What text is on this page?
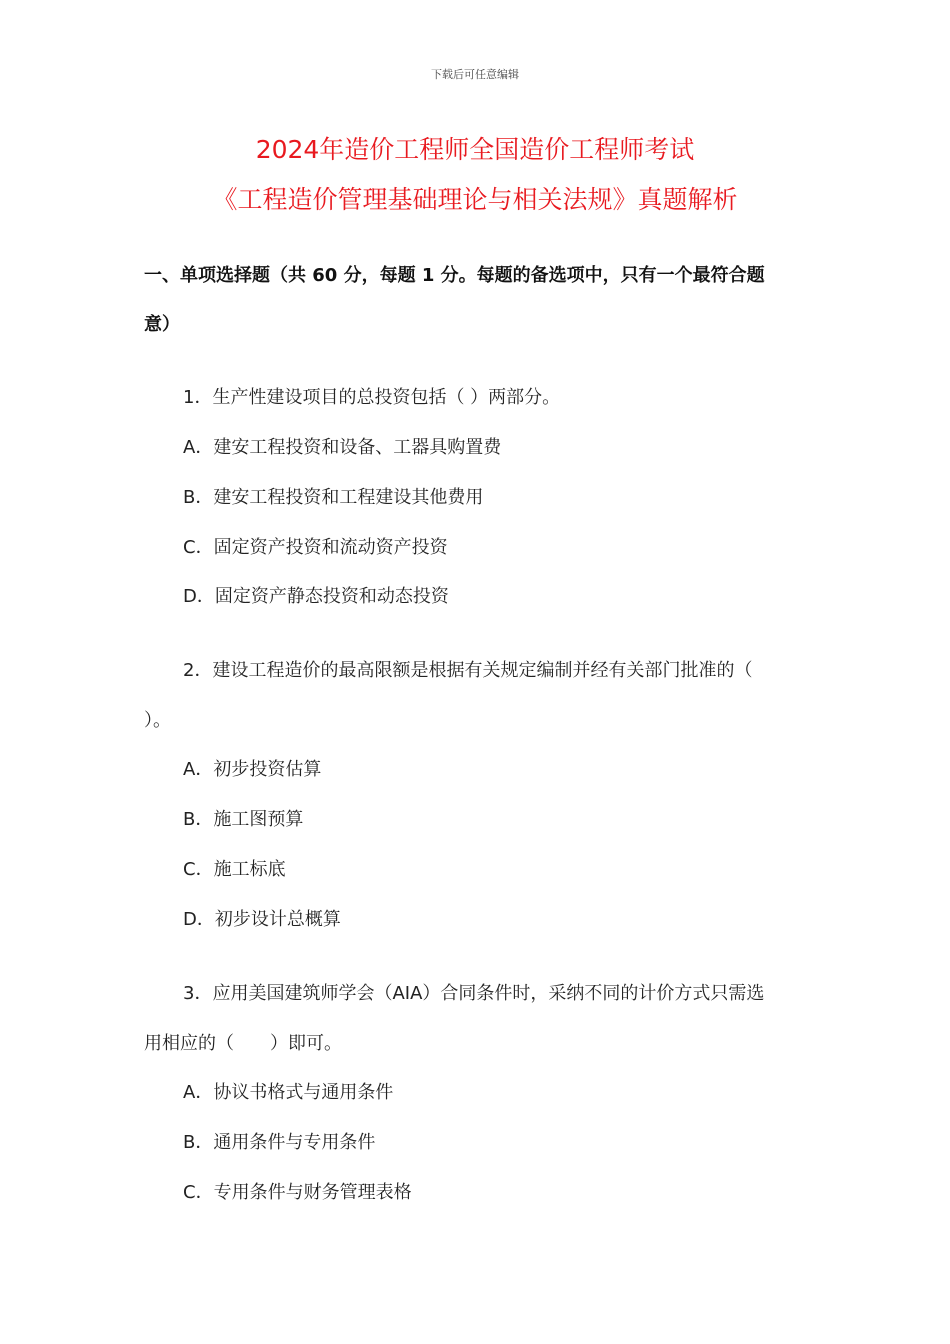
下载后可任意编辑
2024年造价工程师全国造价工程师考试
《工程造价管理基础理论与相关法规》真题解析
一、单项选择题（共 60 分，每题 1 分。每题的备选项中，只有一个最符合题
意）
1．生产性建设项目的总投资包括（ ）两部分。
A．建安工程投资和设备、工器具购置费
B．建安工程投资和工程建设其他费用
C．固定资产投资和流动资产投资
D．固定资产静态投资和动态投资
2．建设工程造价的最高限额是根据有关规定编制并经有关部门批准的（
）。
A．初步投资估算
B．施工图预算
C．施工标底
D．初步设计总概算
3．应用美国建筑师学会（AIA）合同条件时，采纳不同的计价方式只需选
用相应的（　　）即可。
A．协议书格式与通用条件
B．通用条件与专用条件
C．专用条件与财务管理表格
